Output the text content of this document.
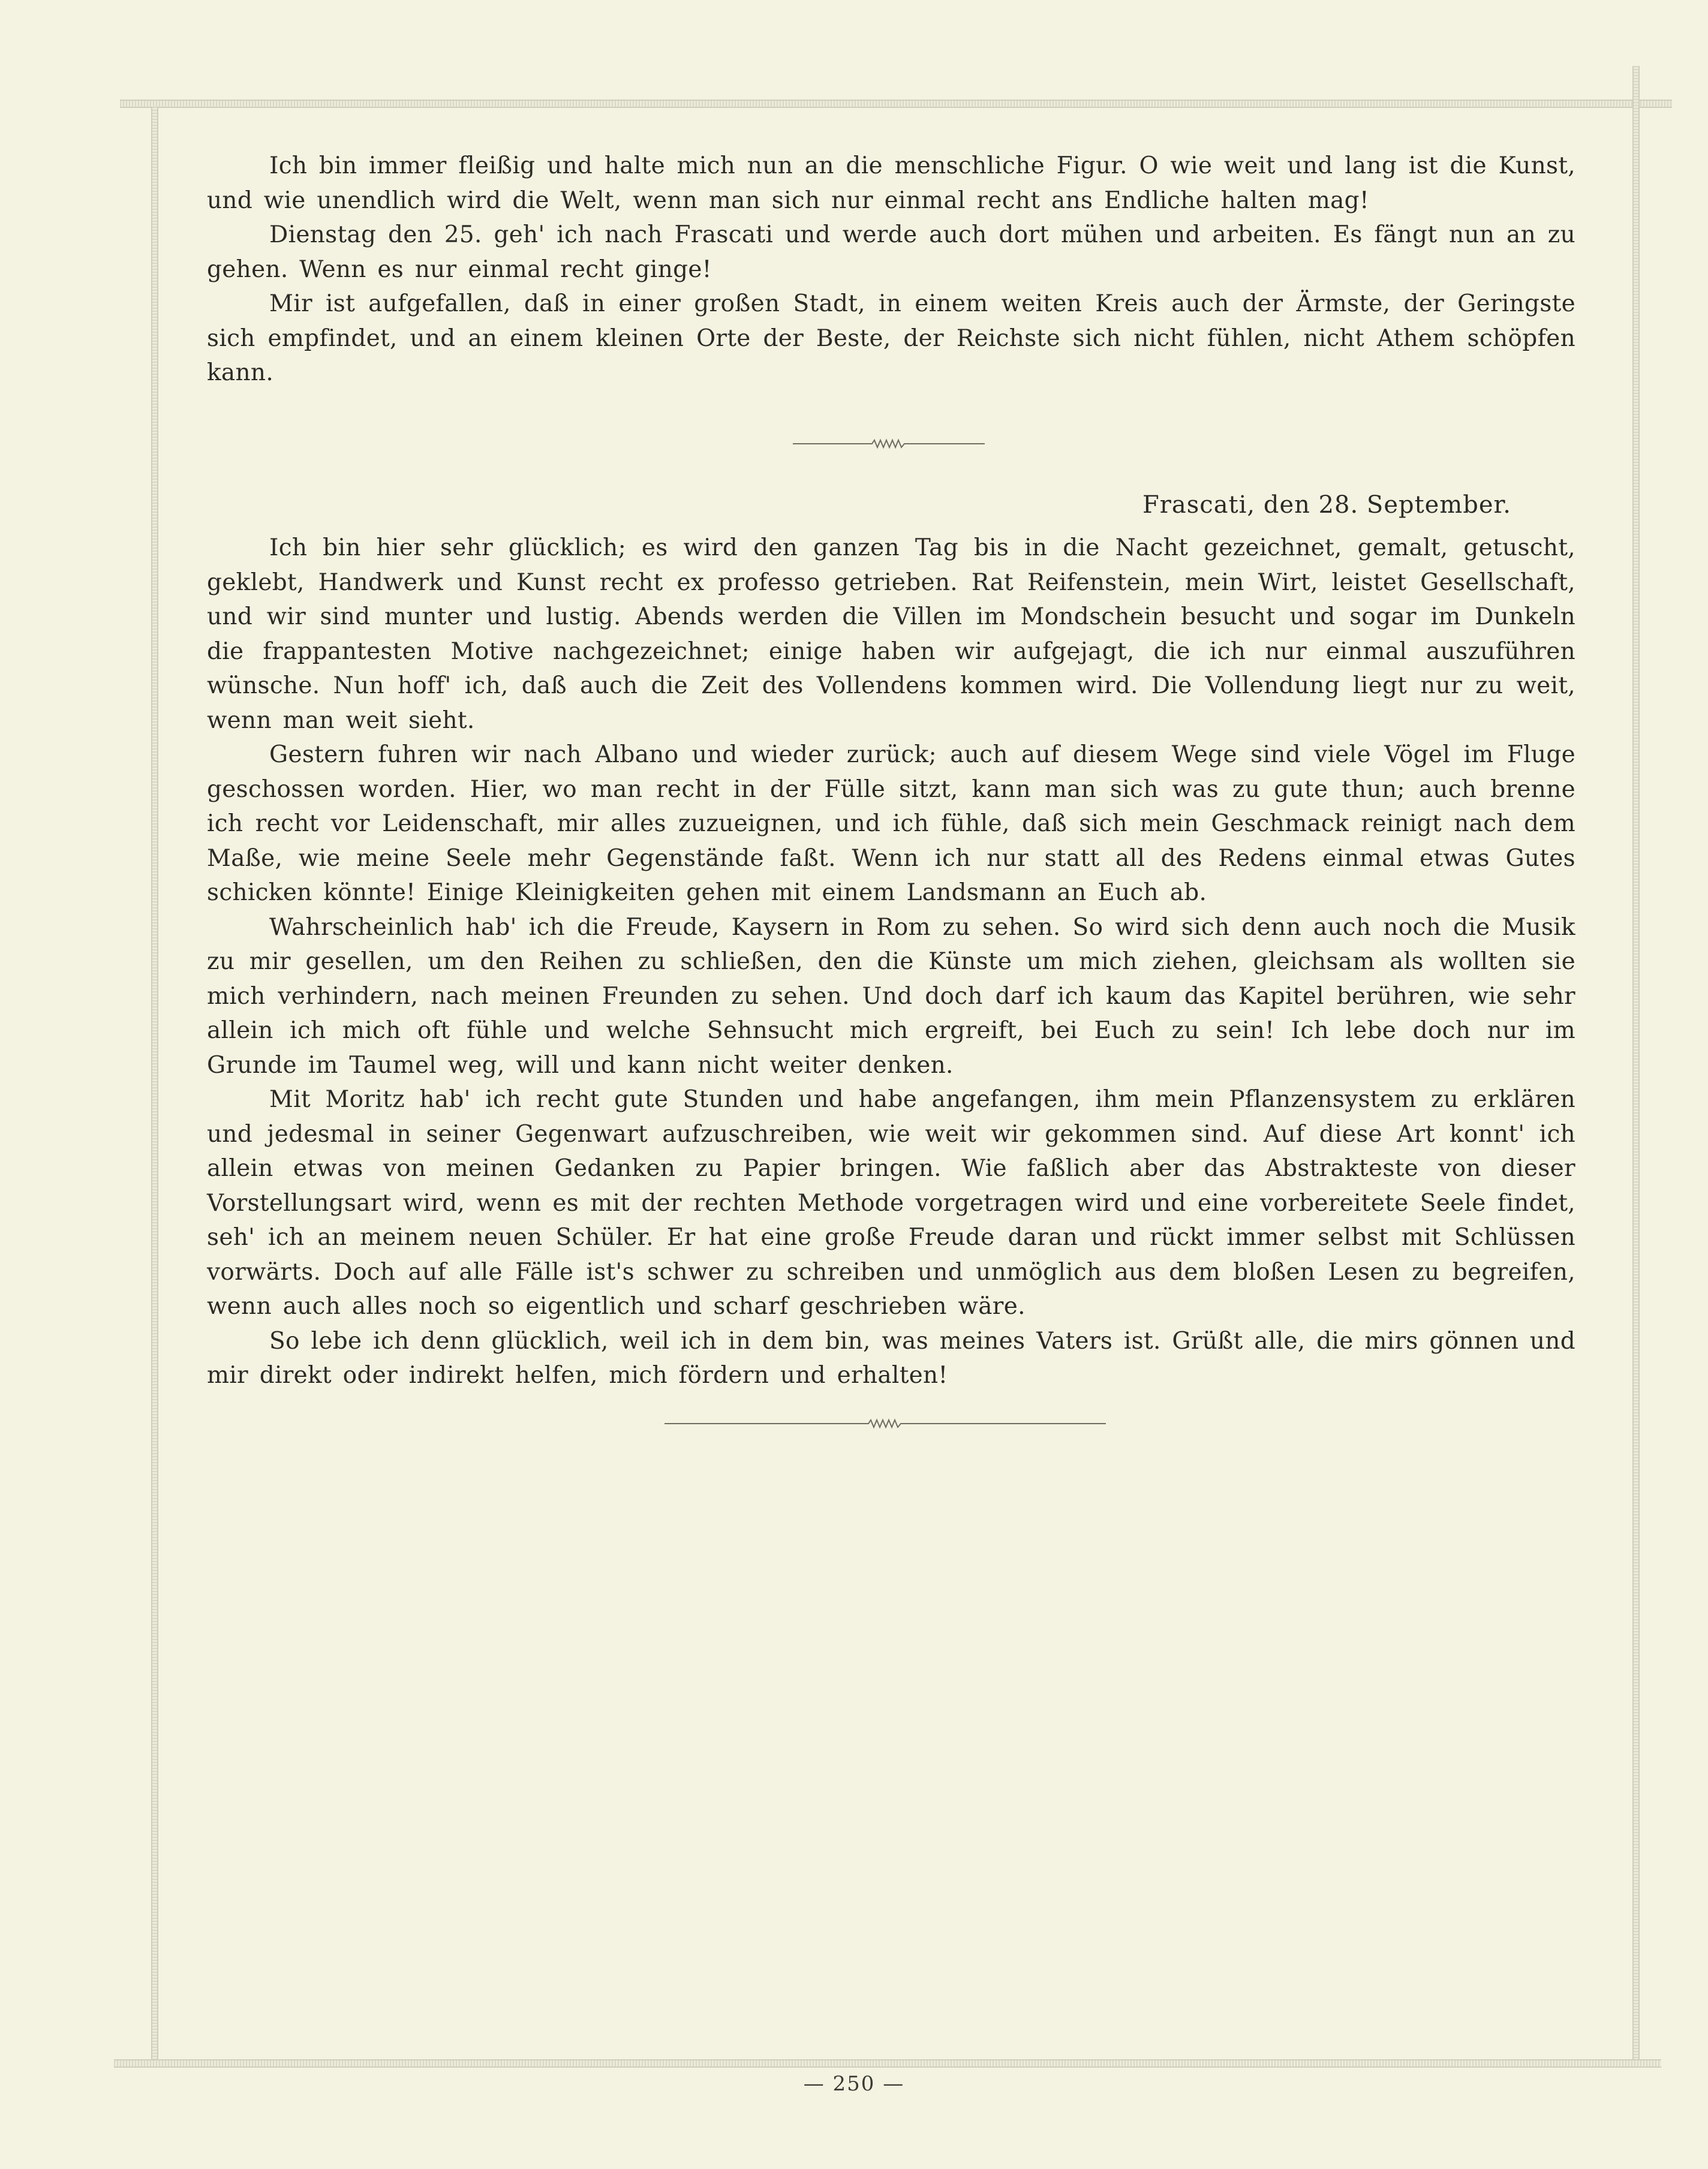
Ich bin immer fleißig und halte mich nun an die menschliche Figur. O wie weit und lang ist die Kunst, und wie unendlich wird die Welt, wenn man sich nur einmal recht ans Endliche halten mag!

Dienstag den 25. geh' ich nach Frascati und werde auch dort mühen und arbeiten. Es fängt nun an zu gehen. Wenn es nur einmal recht ginge!

Mir ist aufgefallen, daß in einer großen Stadt, in einem weiten Kreis auch der Ärmste, der Geringste sich empfindet, und an einem kleinen Orte der Beste, der Reichste sich nicht fühlen, nicht Athem schöpfen kann.

Frascati, den 28. September.

Ich bin hier sehr glücklich; es wird den ganzen Tag bis in die Nacht gezeichnet, gemalt, getuscht, geklebt, Handwerk und Kunst recht ex professo getrieben. Rat Reifenstein, mein Wirt, leistet Gesellschaft, und wir sind munter und lustig. Abends werden die Villen im Mondschein besucht und sogar im Dunkeln die frappantesten Motive nachgezeichnet; einige haben wir aufgejagt, die ich nur einmal auszuführen wünsche. Nun hoff' ich, daß auch die Zeit des Vollendens kommen wird. Die Vollendung liegt nur zu weit, wenn man weit sieht.

Gestern fuhren wir nach Albano und wieder zurück; auch auf diesem Wege sind viele Vögel im Fluge geschossen worden. Hier, wo man recht in der Fülle sitzt, kann man sich was zu gute thun; auch brenne ich recht vor Leidenschaft, mir alles zuzueignen, und ich fühle, daß sich mein Geschmack reinigt nach dem Maße, wie meine Seele mehr Gegenstände faßt. Wenn ich nur statt all des Redens einmal etwas Gutes schicken könnte! Einige Kleinigkeiten gehen mit einem Landsmann an Euch ab.

Wahrscheinlich hab' ich die Freude, Kaysern in Rom zu sehen. So wird sich denn auch noch die Musik zu mir gesellen, um den Reihen zu schließen, den die Künste um mich ziehen, gleichsam als wollten sie mich verhindern, nach meinen Freunden zu sehen. Und doch darf ich kaum das Kapitel berühren, wie sehr allein ich mich oft fühle und welche Sehnsucht mich ergreift, bei Euch zu sein! Ich lebe doch nur im Grunde im Taumel weg, will und kann nicht weiter denken.

Mit Moritz hab' ich recht gute Stunden und habe angefangen, ihm mein Pflanzensystem zu erklären und jedesmal in seiner Gegenwart aufzuschreiben, wie weit wir gekommen sind. Auf diese Art konnt' ich allein etwas von meinen Gedanken zu Papier bringen. Wie faßlich aber das Abstrakteste von dieser Vorstellungsart wird, wenn es mit der rechten Methode vorgetragen wird und eine vorbereitete Seele findet, seh' ich an meinem neuen Schüler. Er hat eine große Freude daran und rückt immer selbst mit Schlüssen vorwärts. Doch auf alle Fälle ist's schwer zu schreiben und unmöglich aus dem bloßen Lesen zu begreifen, wenn auch alles noch so eigentlich und scharf geschrieben wäre.

So lebe ich denn glücklich, weil ich in dem bin, was meines Vaters ist. Grüßt alle, die mirs gönnen und mir direkt oder indirekt helfen, mich fördern und erhalten!

— 250 —
